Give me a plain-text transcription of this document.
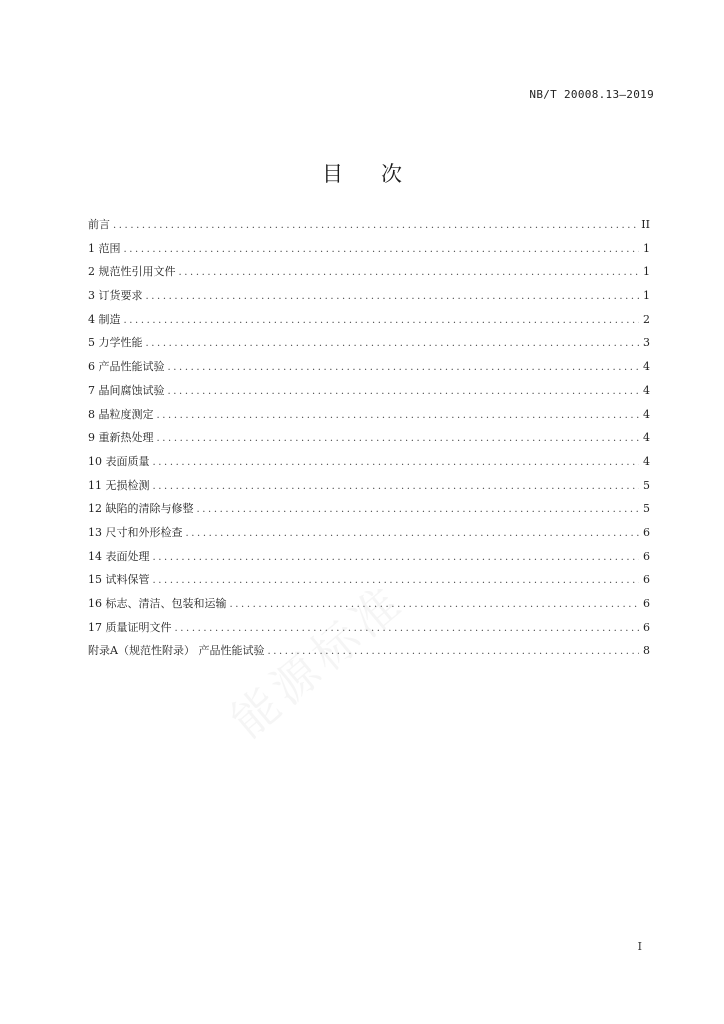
NB/T 20008.13—2019
目次
前言 .....	II
1 范围 .....	1
2 规范性引用文件 .....	1
3 订货要求 .....	1
4 制造 .....	2
5 力学性能 .....	3
6 产品性能试验 .....	4
7 晶间腐蚀试验 .....	4
8 晶粒度测定 .....	4
9 重新热处理 .....	4
10 表面质量 .....	4
11 无损检测 .....	5
12 缺陷的清除与修整 .....	5
13 尺寸和外形检查 .....	6
14 表面处理 .....	6
15 试料保管 .....	6
16 标志、清洁、包装和运输 .....	6
17 质量证明文件 .....	6
附录A（规范性附录） 产品性能试验 .....	8
能源标准
I
